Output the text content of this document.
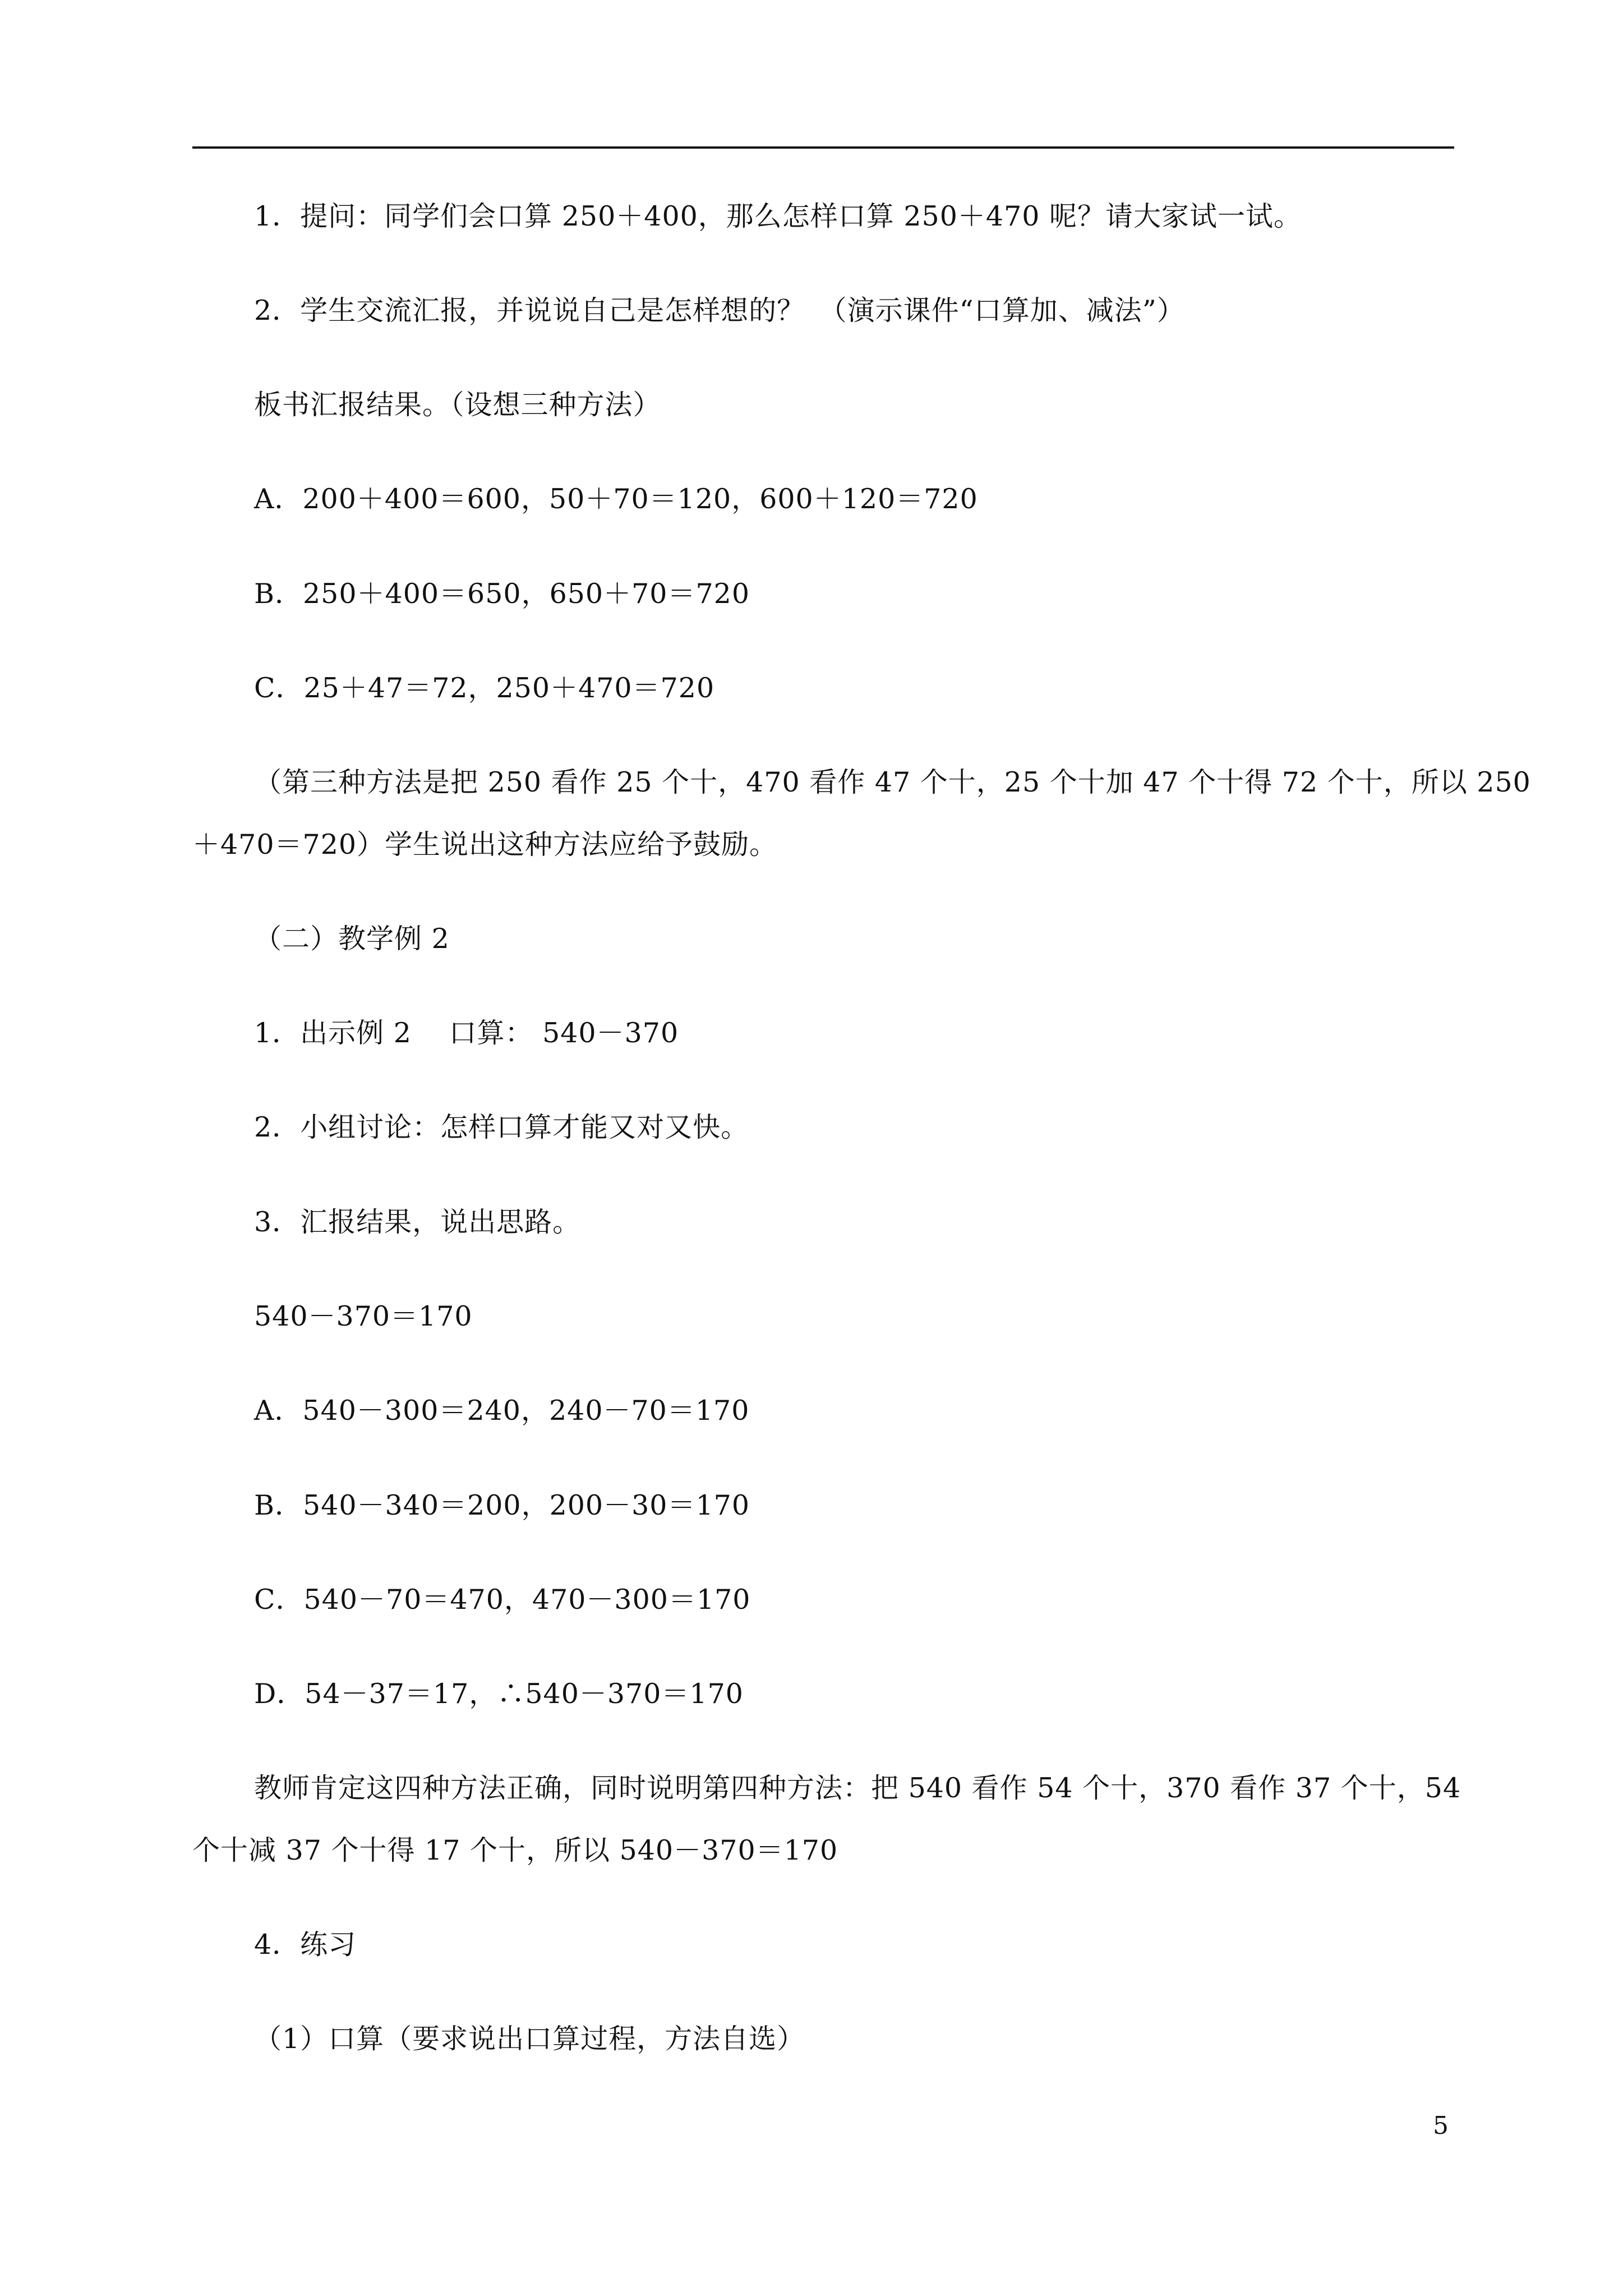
1．提问：同学们会口算 250＋400，那么怎样口算 250＋470 呢？请大家试一试。
2．学生交流汇报，并说说自己是怎样想的？　（演示课件“口算加、减法”）
板书汇报结果。（设想三种方法）
A．200＋400＝600，50＋70＝120，600＋120＝720
B．250＋400＝650，650＋70＝720
C．25＋47＝72，250＋470＝720
（第三种方法是把 250 看作 25 个十，470 看作 47 个十，25 个十加 47 个十得 72 个十，所以 250
＋470＝720）学生说出这种方法应给予鼓励。
（二）教学例 2
1．出示例 2　 口算： 540－370
2．小组讨论：怎样口算才能又对又快。
3．汇报结果，说出思路。
540－370＝170
A．540－300＝240，240－70＝170
B．540－340＝200，200－30＝170
C．540－70＝470，470－300＝170
D．54－37＝17，∴540－370＝170
教师肯定这四种方法正确，同时说明第四种方法：把 540 看作 54 个十，370 看作 37 个十，54
个十减 37 个十得 17 个十，所以 540－370＝170
4．练习
（1）口算（要求说出口算过程，方法自选）
5
